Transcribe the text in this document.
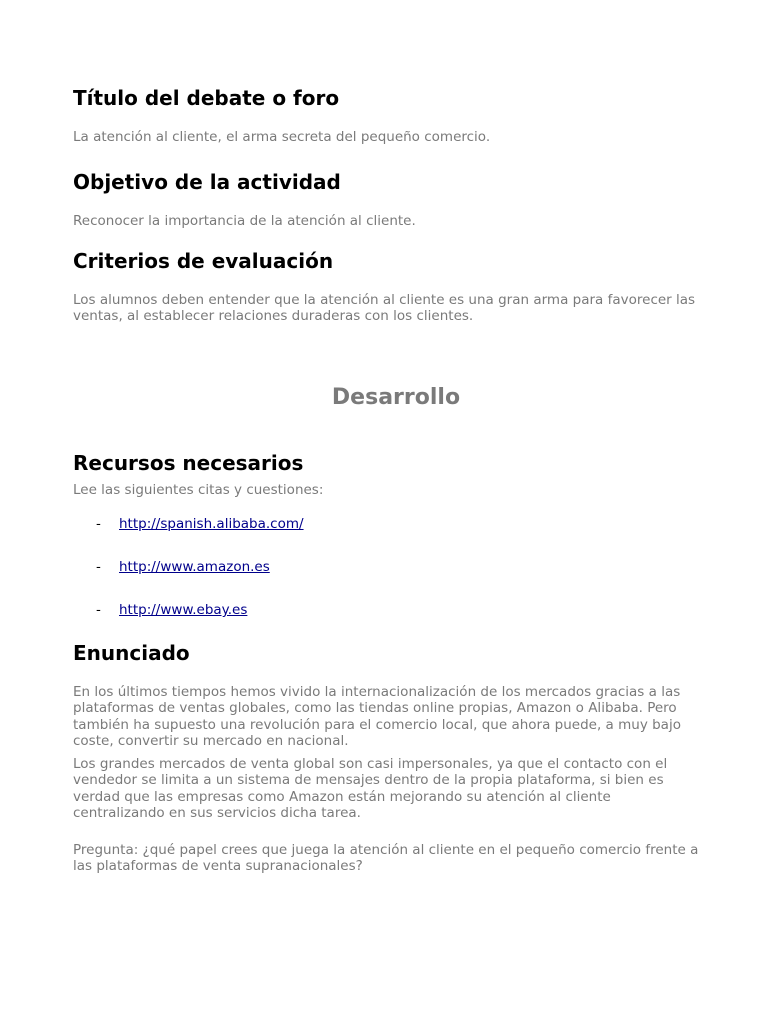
Título del debate o foro

La atención al cliente, el arma secreta del pequeño comercio.

Objetivo de la actividad

Reconocer la importancia de la atención al cliente.

Criterios de evaluación

Los alumnos deben entender que la atención al cliente es una gran arma para favorecer las ventas, al establecer relaciones duraderas con los clientes.

Desarrollo
Recursos necesarios

Lee las siguientes citas y cuestiones:

- http://spanish.alibaba.com/
- http://www.amazon.es
- http://www.ebay.es
Enunciado

En los últimos tiempos hemos vivido la internacionalización de los mercados gracias a las plataformas de ventas globales, como las tiendas online propias, Amazon o Alibaba. Pero también ha supuesto una revolución para el comercio local, que ahora puede, a muy bajo coste, convertir su mercado en nacional.

Los grandes mercados de venta global son casi impersonales, ya que el contacto con el vendedor se limita a un sistema de mensajes dentro de la propia plataforma, si bien es verdad que las empresas como Amazon están mejorando su atención al cliente centralizando en sus servicios dicha tarea.

Pregunta: ¿qué papel crees que juega la atención al cliente en el pequeño comercio frente a las plataformas de venta supranacionales?
